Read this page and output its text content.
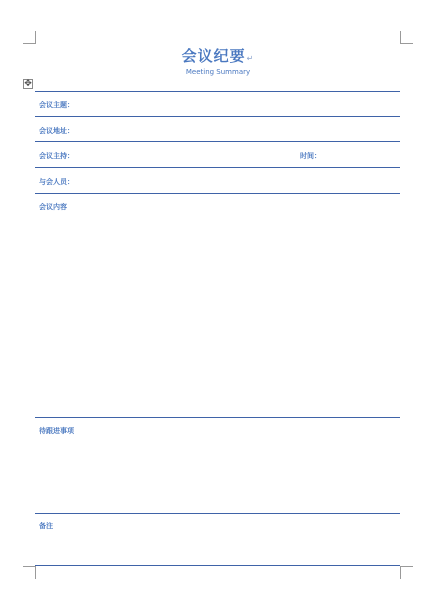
会议纪要↵
Meeting Summary
✥
会议主题：
会议地址：
会议主持：	时间：
与会人员：
会议内容
待跟进事项
备注
